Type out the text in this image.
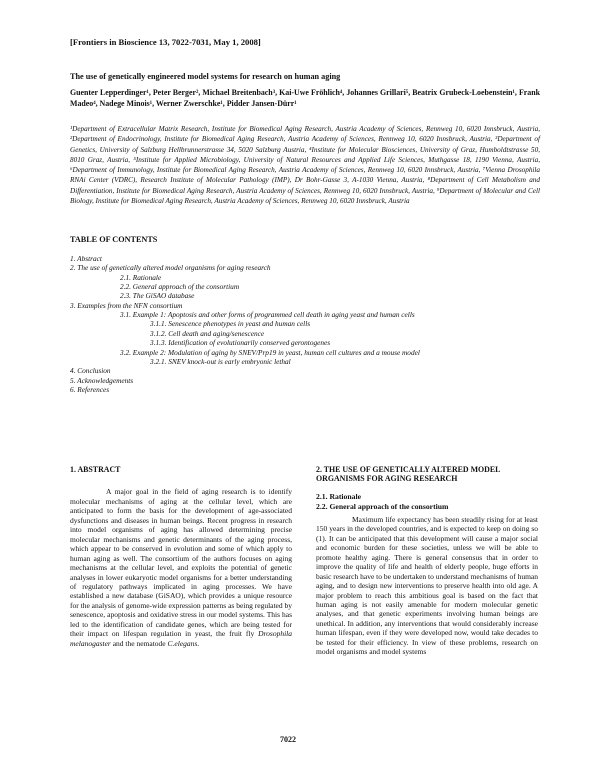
[Frontiers in Bioscience 13, 7022-7031, May 1, 2008]
The use of genetically engineered model systems for research on human aging
Guenter Lepperdinger¹, Peter Berger², Michael Breitenbach³, Kai-Uwe Fröhlich⁴, Johannes Grillari⁵, Beatrix Grubeck-Loebenstein¹, Frank Madeo⁴, Nadege Minois¹, Werner Zwerschke¹, Pidder Jansen-Dürr¹
¹Department of Extracellular Matrix Research, Institute for Biomedical Aging Research, Austria Academy of Sciences, Rennweg 10, 6020 Innsbruck, Austria, ²Department of Endocrinology, Institute for Biomedical Aging Research, Austria Academy of Sciences, Rennweg 10, 6020 Innsbruck, Austria, ³Department of Genetics, University of Salzburg Hellbrunnerstrasse 34, 5020 Salzburg Austria, ⁴Institute for Molecular Biosciences, University of Graz, Humboldtstrasse 50, 8010 Graz, Austria, ⁵Institute for Applied Microbiology, University of Natural Resources and Applied Life Sciences, Muthgasse 18, 1190 Vienna, Austria, ⁶Department of Immunology, Institute for Biomedical Aging Research, Austria Academy of Sciences, Rennweg 10, 6020 Innsbruck, Austria, ⁷Vienna Drosophila RNAi Center (VDRC), Research Institute of Molecular Pathology (IMP), Dr Bohr-Gasse 3, A-1030 Vienna, Austria, ⁸Department of Cell Metabolism and Differentiation, Institute for Biomedical Aging Research, Austria Academy of Sciences, Rennweg 10, 6020 Innsbruck, Austria, ⁹Department of Molecular and Cell Biology, Institute for Biomedical Aging Research, Austria Academy of Sciences, Rennweg 10, 6020 Innsbruck, Austria
TABLE OF CONTENTS
1. Abstract
2. The use of genetically altered model organisms for aging research
2.1. Rationale
2.2. General approach of the consortium
2.3. The GiSAO database
3. Examples from the NFN consortium
3.1. Example 1: Apoptosis and other forms of programmed cell death in aging yeast and human cells
3.1.1. Senescence phenotypes in yeast and human cells
3.1.2. Cell death and aging/senescence
3.1.3. Identification of evolutionarily conserved gerontogenes
3.2. Example 2: Modulation of aging by SNEV/Prp19 in yeast, human cell cultures and a mouse model
3.2.1. SNEV knock-out is early embryonic lethal
4. Conclusion
5. Acknowledgements
6. References
1. ABSTRACT

A major goal in the field of aging research is to identify molecular mechanisms of aging at the cellular level, which are anticipated to form the basis for the development of age-associated dysfunctions and diseases in human beings. Recent progress in research into model organisms of aging has allowed determining precise molecular mechanisms and genetic determinants of the aging process, which appear to be conserved in evolution and some of which apply to human aging as well. The consortium of the authors focuses on aging mechanisms at the cellular level, and exploits the potential of genetic analyses in lower eukaryotic model organisms for a better understanding of regulatory pathways implicated in aging processes. We have established a new database (GiSAO), which provides a unique resource for the analysis of genome-wide expression patterns as being regulated by senescence, apoptosis and oxidative stress in our model systems. This has led to the identification of candidate genes, which are being tested for their impact on lifespan regulation in yeast, the fruit fly Drosophila melanogaster and the nematode C.elegans.

2. THE USE OF GENETICALLY ALTERED MODEL ORGANISMS FOR AGING RESEARCH

2.1. Rationale

2.2. General approach of the consortium

Maximum life expectancy has been steadily rising for at least 150 years in the developed countries, and is expected to keep on doing so (1). It can be anticipated that this development will cause a major social and economic burden for these societies, unless we will be able to promote healthy aging. There is general consensus that in order to improve the quality of life and health of elderly people, huge efforts in basic research have to be undertaken to understand mechanisms of human aging, and to design new interventions to preserve health into old age. A major problem to reach this ambitious goal is based on the fact that human aging is not easily amenable for modern molecular genetic analyses, and that genetic experiments involving human beings are unethical. In addition, any interventions that would considerably increase human lifespan, even if they were developed now, would take decades to be tested for their efficiency. In view of these problems, research on model organisms and model systems

7022
